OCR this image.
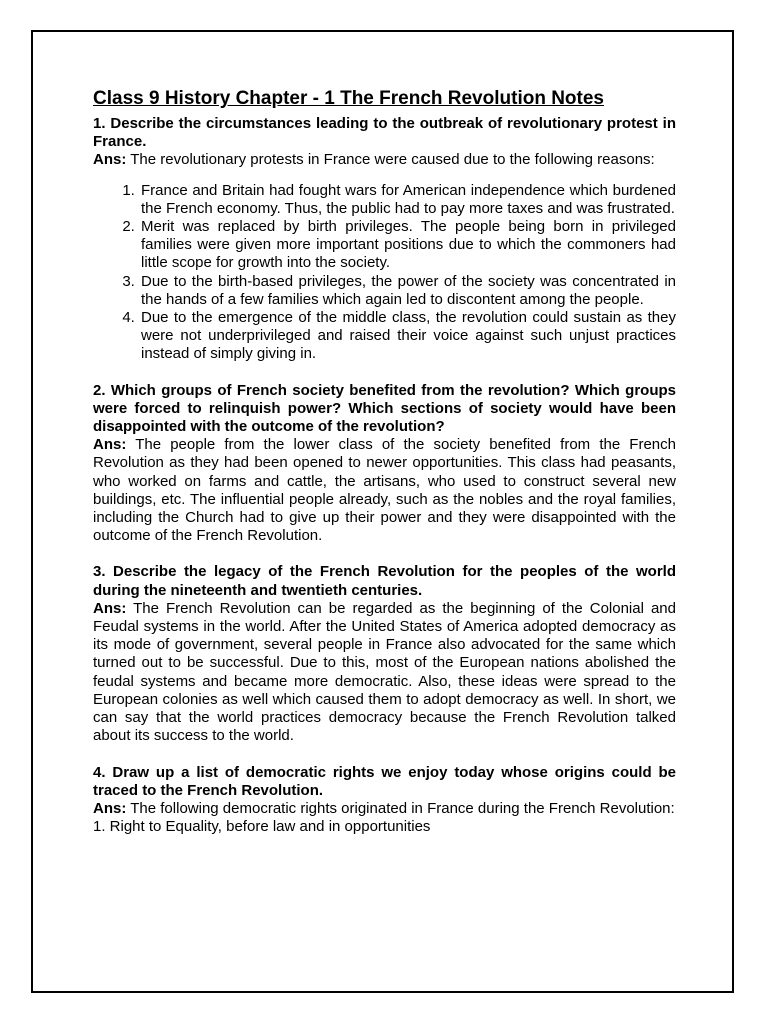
Class 9 History Chapter - 1 The French Revolution Notes

1. Describe the circumstances leading to the outbreak of revolutionary protest in France.

Ans: The revolutionary protests in France were caused due to the following reasons:

1. France and Britain had fought wars for American independence which burdened the French economy. Thus, the public had to pay more taxes and was frustrated.
2. Merit was replaced by birth privileges. The people being born in privileged families were given more important positions due to which the commoners had little scope for growth into the society.
3. Due to the birth-based privileges, the power of the society was concentrated in the hands of a few families which again led to discontent among the people.
4. Due to the emergence of the middle class, the revolution could sustain as they were not underprivileged and raised their voice against such unjust practices instead of simply giving in.

2. Which groups of French society benefited from the revolution? Which groups were forced to relinquish power? Which sections of society would have been disappointed with the outcome of the revolution?

Ans: The people from the lower class of the society benefited from the French Revolution as they had been opened to newer opportunities. This class had peasants, who worked on farms and cattle, the artisans, who used to construct several new buildings, etc. The influential people already, such as the nobles and the royal families, including the Church had to give up their power and they were disappointed with the outcome of the French Revolution.

3. Describe the legacy of the French Revolution for the peoples of the world during the nineteenth and twentieth centuries.

Ans: The French Revolution can be regarded as the beginning of the Colonial and Feudal systems in the world. After the United States of America adopted democracy as its mode of government, several people in France also advocated for the same which turned out to be successful. Due to this, most of the European nations abolished the feudal systems and became more democratic. Also, these ideas were spread to the European colonies as well which caused them to adopt democracy as well. In short, we can say that the world practices democracy because the French Revolution talked about its success to the world.

4. Draw up a list of democratic rights we enjoy today whose origins could be traced to the French Revolution.

Ans: The following democratic rights originated in France during the French Revolution:

1. Right to Equality, before law and in opportunities
